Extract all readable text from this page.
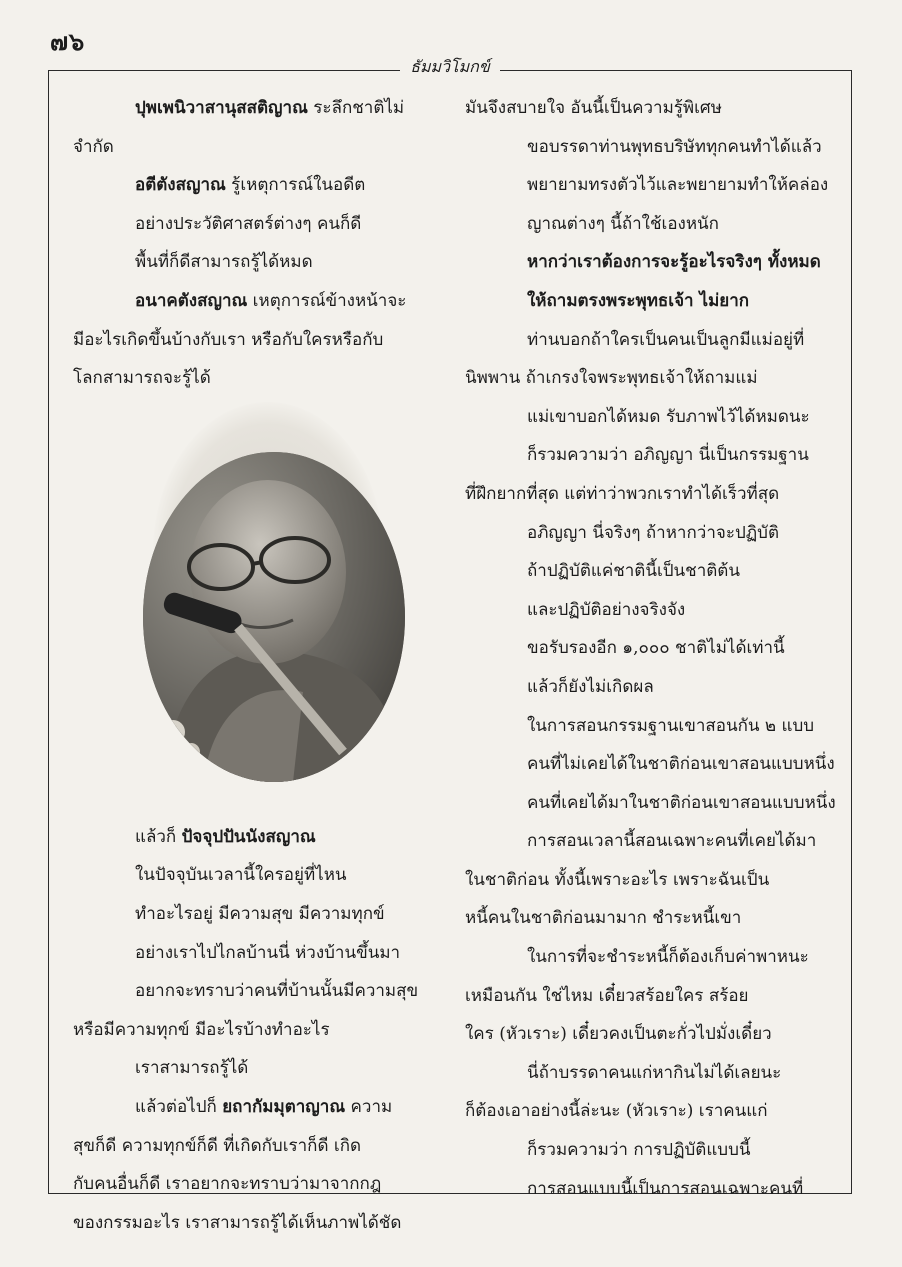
๗๖
ธัมมวิโมกข์
ปุพเพนิวาสานุสสติญาณ ระลึกชาติไม่
จำกัด
อตีตังสญาณ รู้เหตุการณ์ในอดีต
อย่างประวัติศาสตร์ต่างๆ คนก็ดี
พื้นที่ก็ดีสามารถรู้ได้หมด
อนาคตังสญาณ เหตุการณ์ข้างหน้าจะ
มีอะไรเกิดขึ้นบ้างกับเรา หรือกับใครหรือกับ
โลกสามารถจะรู้ได้
แล้วก็ ปัจจุปปันนังสญาณ
ในปัจจุบันเวลานี้ใครอยู่ที่ไหน
ทำอะไรอยู่ มีความสุข มีความทุกข์
อย่างเราไปไกลบ้านนี่ ห่วงบ้านขึ้นมา
อยากจะทราบว่าคนที่บ้านนั้นมีความสุข
หรือมีความทุกข์ มีอะไรบ้างทำอะไร
เราสามารถรู้ได้
แล้วต่อไปก็ ยถากัมมุตาญาณ ความ
สุขก็ดี ความทุกข์ก็ดี ที่เกิดกับเราก็ดี เกิด
กับคนอื่นก็ดี เราอยากจะทราบว่ามาจากกฎ
ของกรรมอะไร เราสามารถรู้ได้เห็นภาพได้ชัด
มันจึงสบายใจ อันนี้เป็นความรู้พิเศษ
ขอบรรดาท่านพุทธบริษัททุกคนทำได้แล้ว
พยายามทรงตัวไว้และพยายามทำให้คล่อง
ญาณต่างๆ นี้ถ้าใช้เองหนัก
หากว่าเราต้องการจะรู้อะไรจริงๆ ทั้งหมด
ให้ถามตรงพระพุทธเจ้า ไม่ยาก
ท่านบอกถ้าใครเป็นคนเป็นลูกมีแม่อยู่ที่
นิพพาน ถ้าเกรงใจพระพุทธเจ้าให้ถามแม่
แม่เขาบอกได้หมด รับภาพไว้ได้หมดนะ
ก็รวมความว่า อภิญญา นี่เป็นกรรมฐาน
ที่ฝึกยากที่สุด แต่ท่าว่าพวกเราทำได้เร็วที่สุด
อภิญญา นี่จริงๆ ถ้าหากว่าจะปฏิบัติ
ถ้าปฏิบัติแค่ชาตินี้เป็นชาติต้น
และปฏิบัติอย่างจริงจัง
ขอรับรองอีก ๑,๐๐๐ ชาติไม่ได้เท่านี้
แล้วก็ยังไม่เกิดผล
ในการสอนกรรมฐานเขาสอนกัน ๒ แบบ
คนที่ไม่เคยได้ในชาติก่อนเขาสอนแบบหนึ่ง
คนที่เคยได้มาในชาติก่อนเขาสอนแบบหนึ่ง
การสอนเวลานี้สอนเฉพาะคนที่เคยได้มา
ในชาติก่อน ทั้งนี้เพราะอะไร เพราะฉันเป็น
หนี้คนในชาติก่อนมามาก ชำระหนี้เขา
ในการที่จะชำระหนี้ก็ต้องเก็บค่าพาหนะ
เหมือนกัน ใช่ไหม เดี๋ยวสร้อยใคร สร้อย
ใคร (หัวเราะ) เดี๋ยวคงเป็นตะกั่วไปมั่งเดี๋ยว
นี่ถ้าบรรดาคนแก่หากินไม่ได้เลยนะ
ก็ต้องเอาอย่างนี้ล่ะนะ (หัวเราะ) เราคนแก่
ก็รวมความว่า การปฏิบัติแบบนี้
การสอนแบบนี้เป็นการสอนเฉพาะคนที่
